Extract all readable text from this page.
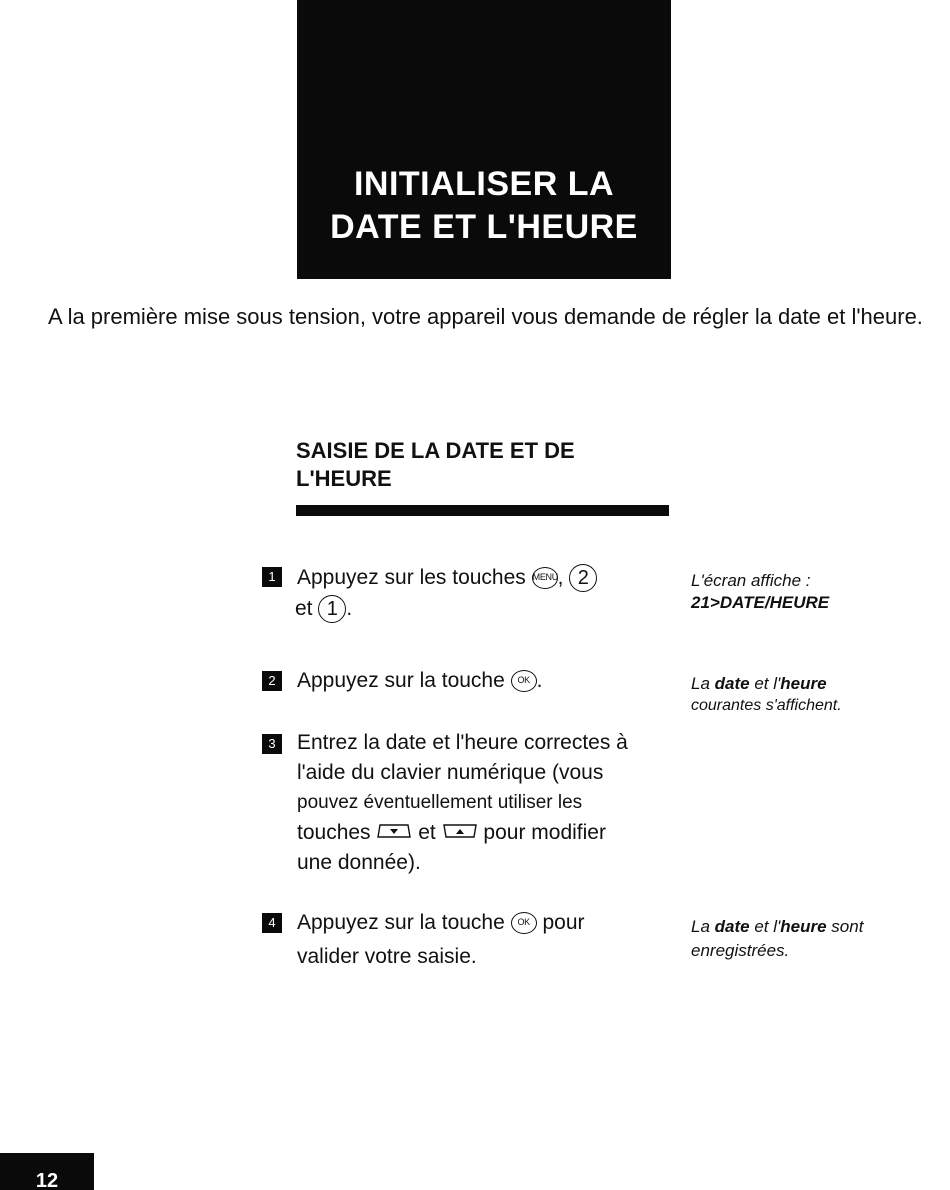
INITIALISER LA
DATE ET L'HEURE
A la première mise sous tension, votre appareil vous demande de régler la date et l'heure.
SAISIE DE LA DATE ET DE
L'HEURE
1	Appuyez sur les touches MENU, 2
et 1 .
L'écran affiche :
21>DATE/HEURE
2	Appuyez sur la touche OK .	La date et l'heure
courantes s'affichent.
3	Entrez la date et l'heure correctes à
l'aide du clavier numérique (vous
pouvez éventuellement utiliser les
touches  et  pour modifier
une donnée).
4	Appuyez sur la touche OK pour
valider votre saisie.
La date et l'heure sont
enregistrées.
12
